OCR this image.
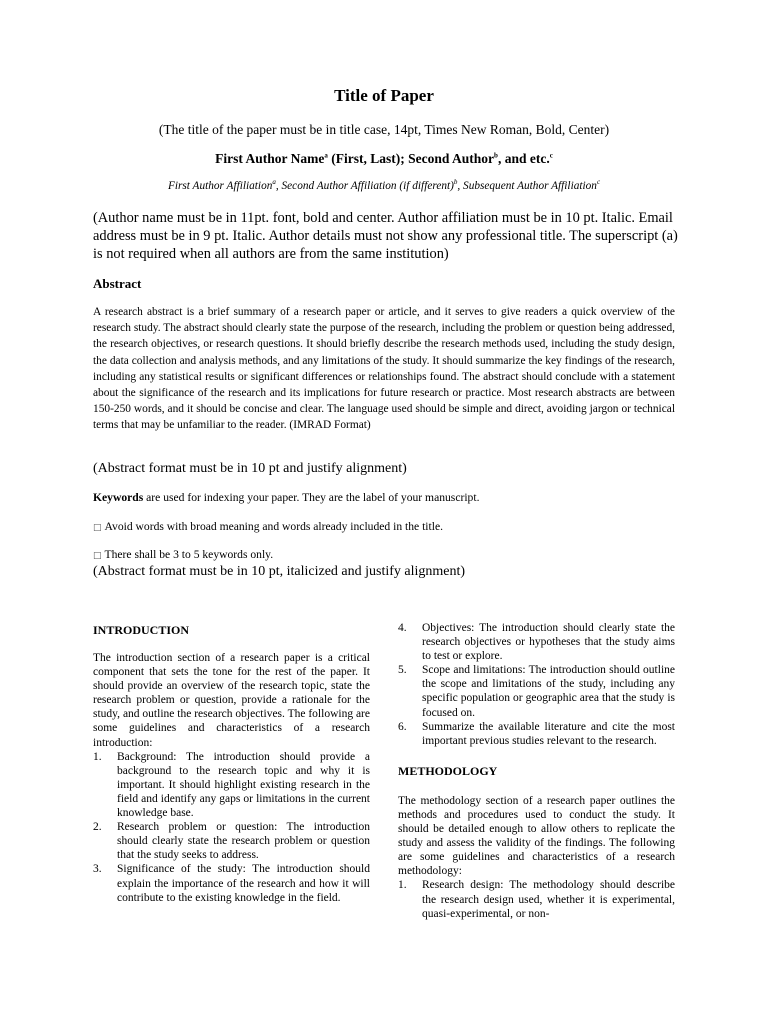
Title of Paper
(The title of the paper must be in title case, 14pt, Times New Roman, Bold, Center)
First Author Name$^a$ (First, Last); Second Author$^b$, and etc.$^c$
First Author Affiliation$^a$, Second Author Affiliation (if different)$^b$, Subsequent Author Affiliation$^c$
(Author name must be in 11pt. font, bold and center. Author affiliation must be in 10 pt. Italic. Email address must be in 9 pt. Italic. Author details must not show any professional title. The superscript (a) is not required when all authors are from the same institution)
Abstract
A research abstract is a brief summary of a research paper or article, and it serves to give readers a quick overview of the research study. The abstract should clearly state the purpose of the research, including the problem or question being addressed, the research objectives, or research questions. It should briefly describe the research methods used, including the study design, the data collection and analysis methods, and any limitations of the study. It should summarize the key findings of the research, including any statistical results or significant differences or relationships found. The abstract should conclude with a statement about the significance of the research and its implications for future research or practice. Most research abstracts are between 150-250 words, and it should be concise and clear. The language used should be simple and direct, avoiding jargon or technical terms that may be unfamiliar to the reader. (IMRAD Format)
(Abstract format must be in 10 pt and justify alignment)
Keywords are used for indexing your paper. They are the label of your manuscript.
□ Avoid words with broad meaning and words already included in the title.
□ There shall be 3 to 5 keywords only.
(Abstract format must be in 10 pt, italicized and justify alignment)
INTRODUCTION

The introduction section of a research paper is a critical component that sets the tone for the rest of the paper. It should provide an overview of the research topic, state the research problem or question, provide a rationale for the study, and outline the research objectives. The following are some guidelines and characteristics of a research introduction:

1.	Background: The introduction should provide a background to the research topic and why it is important. It should highlight existing research in the field and identify any gaps or limitations in the current knowledge base.
2.	Research problem or question: The introduction should clearly state the research problem or question that the study seeks to address.
3.	Significance of the study: The introduction should explain the importance of the research and how it will contribute to the existing knowledge in the field.
4.	Objectives: The introduction should clearly state the research objectives or hypotheses that the study aims to test or explore.
5.	Scope and limitations: The introduction should outline the scope and limitations of the study, including any specific population or geographic area that the study is focused on.
6.	Summarize the available literature and cite the most important previous studies relevant to the research.
METHODOLOGY

The methodology section of a research paper outlines the methods and procedures used to conduct the study. It should be detailed enough to allow others to replicate the study and assess the validity of the findings. The following are some guidelines and characteristics of a research methodology:

1.	Research design: The methodology should describe the research design used, whether it is experimental, quasi-experimental, or non-
